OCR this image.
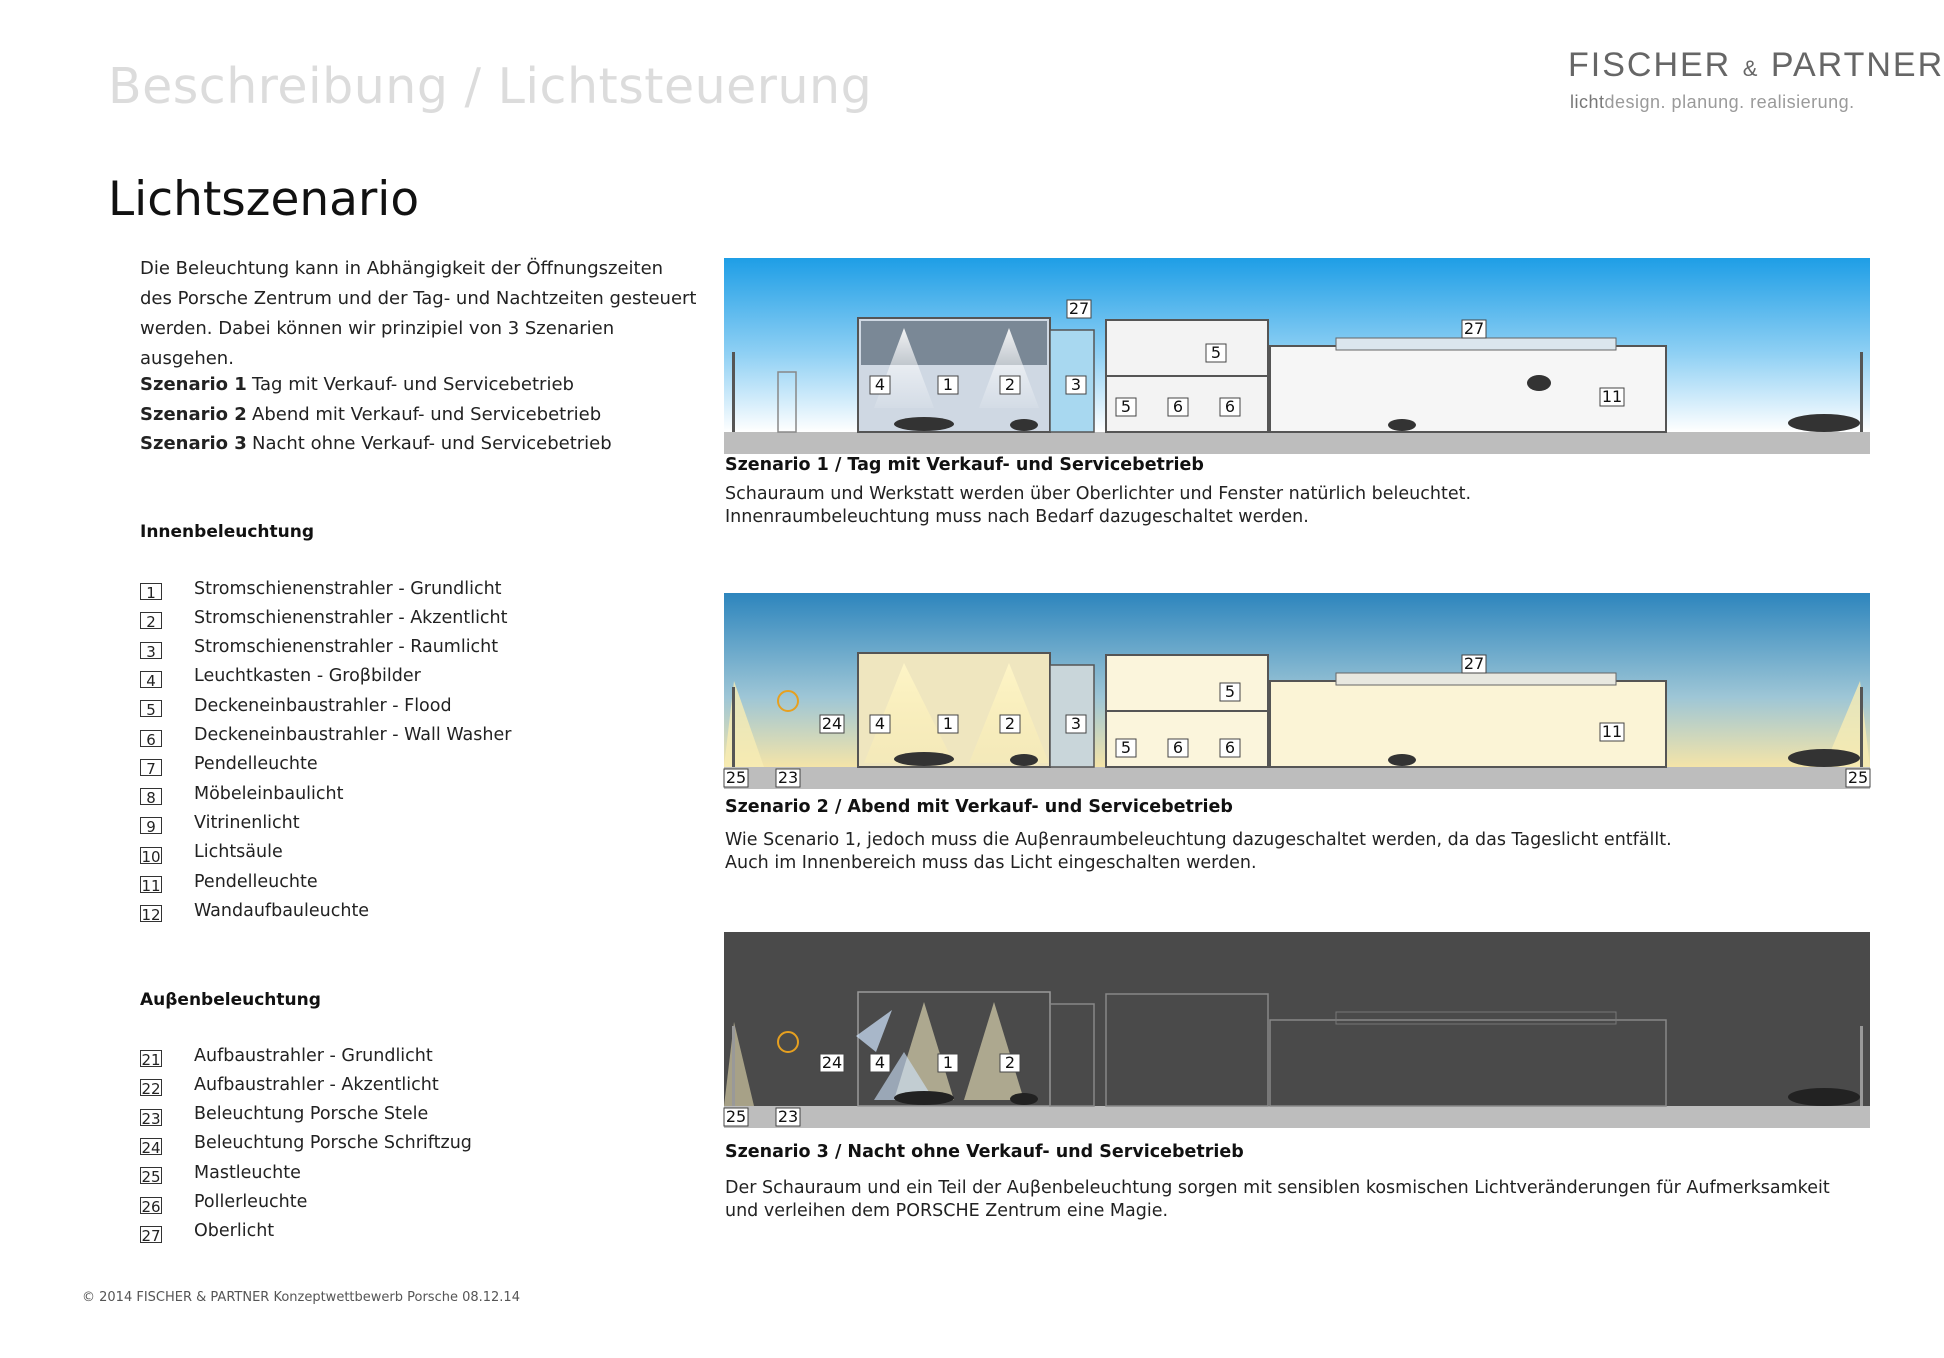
Beschreibung / Lichtsteuerung	FISCHER & PARTNER
lichtdesign. planung. realisierung.
Lichtszenario
Die Beleuchtung kann in Abhängigkeit der Öffnungszeiten des Porsche Zentrum und der Tag- und Nachtzeiten gesteuert werden. Dabei können wir prinzipiel von 3 Szenarien ausgehen.
Szenario 1 Tag mit Verkauf- und Servicebetrieb
Szenario 2 Abend mit Verkauf- und Servicebetrieb
Szenario 3 Nacht ohne Verkauf- und Servicebetrieb
Innenbeleuchtung
1	Stromschienenstrahler - Grundlicht
2	Stromschienenstrahler - Akzentlicht
3	Stromschienenstrahler - Raumlicht
4	Leuchtkasten - Groβbilder
5	Deckeneinbaustrahler - Flood
6	Deckeneinbaustrahler - Wall Washer
7	Pendelleuchte
8	Möbeleinbaulicht
9	Vitrinenlicht
10 Lichtsäule
11 Pendelleuchte
12 Wandaufbauleuchte
Auβenbeleuchtung
21 Aufbaustrahler - Grundlicht
22 Aufbaustrahler - Akzentlicht
23 Beleuchtung Porsche Stele
24 Beleuchtung Porsche Schriftzug
25 Mastleuchte
26 Pollerleuchte
27 Oberlicht
27
27
5
4	1	2	3
5	6	6
11
Szenario 1 / Tag mit Verkauf- und Servicebetrieb
Schauraum und Werkstatt werden über Oberlichter und Fenster natürlich beleuchtet.
Innenraumbeleuchtung muss nach Bedarf dazugeschaltet werden.
27
5
24 4	1	2	3
5	6	6
11
25 23	25
Szenario 2 / Abend mit Verkauf- und Servicebetrieb
Wie Scenario 1, jedoch muss die Auβenraumbeleuchtung dazugeschaltet werden, da das Tageslicht entfällt.
Auch im Innenbereich muss das Licht eingeschalten werden.
24 4	1	2
25 23
Szenario 3 / Nacht ohne Verkauf- und Servicebetrieb
Der Schauraum und ein Teil der Auβenbeleuchtung sorgen mit sensiblen kosmischen Lichtveränderungen für Aufmerksamkeit
und verleihen dem PORSCHE Zentrum eine Magie.
© 2014 FISCHER & PARTNER Konzeptwettbewerb Porsche 08.12.14
